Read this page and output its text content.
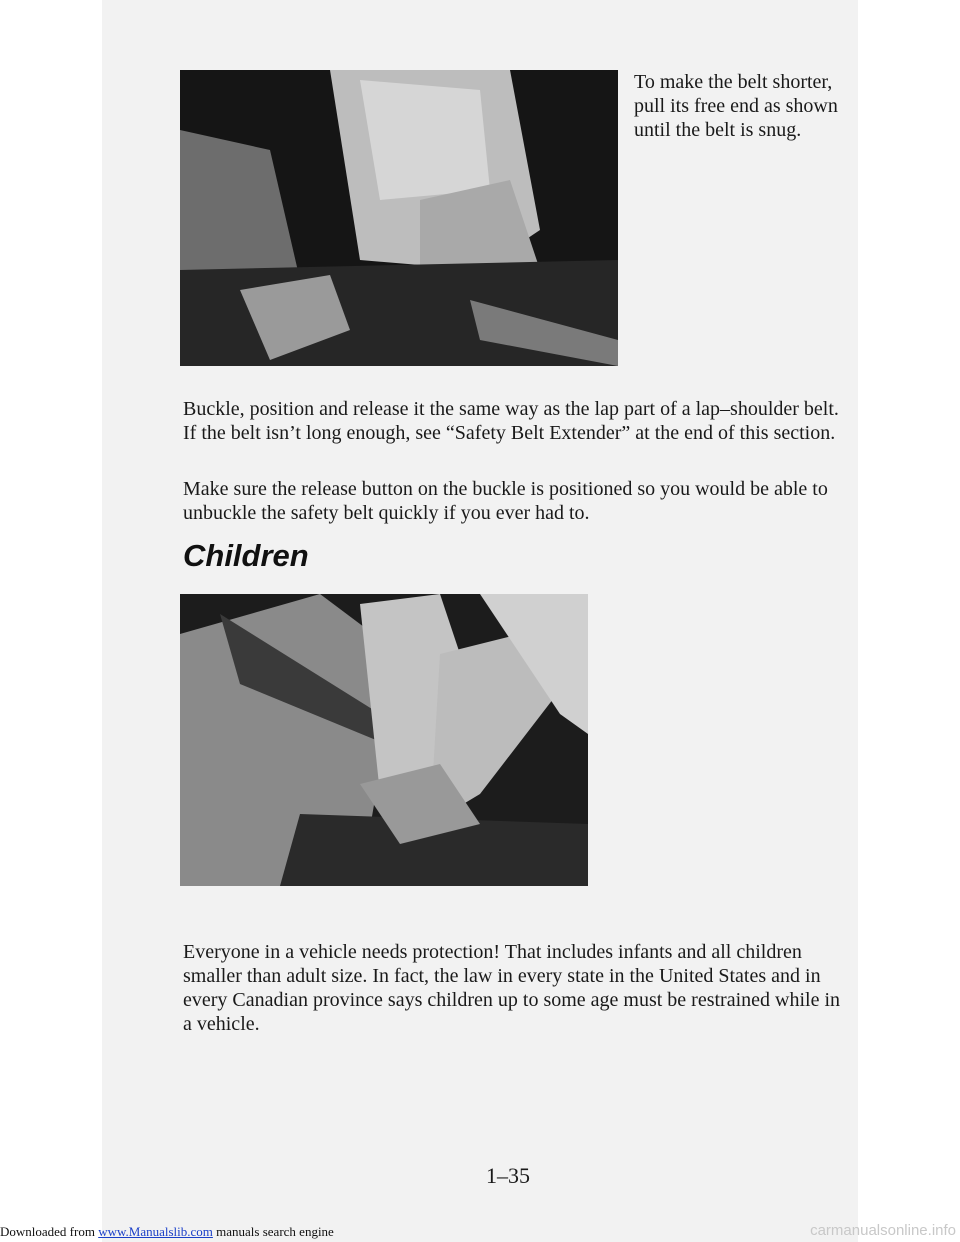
To make the belt shorter, pull its free end as shown until the belt is snug.

Buckle, position and release it the same way as the lap part of a lap–shoulder belt. If the belt isn’t long enough, see “Safety Belt Extender” at the end of this section.

Make sure the release button on the buckle is positioned so you would be able to unbuckle the safety belt quickly if you ever had to.

Children

Everyone in a vehicle needs protection! That includes infants and all children smaller than adult size. In fact, the law in every state in the United States and in every Canadian province says children up to some age must be restrained while in a vehicle.

1–35
Downloaded from www.Manualslib.com manuals search engine	carmanualsonline.info
